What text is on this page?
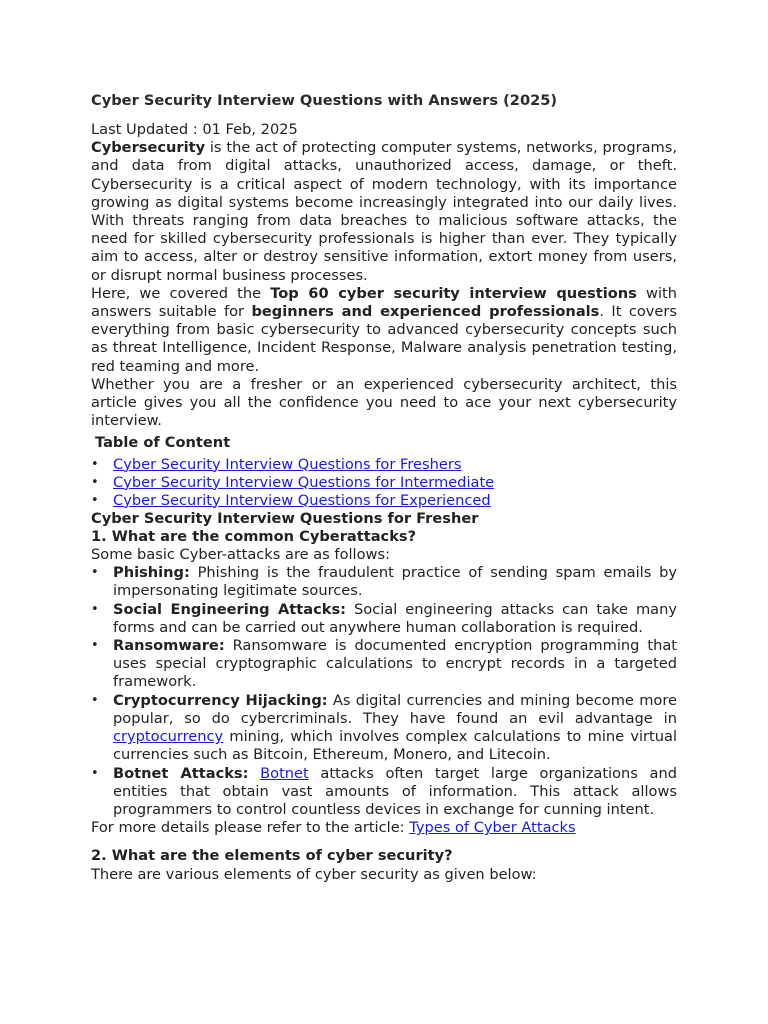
Cyber Security Interview Questions with Answers (2025)
Last Updated : 01 Feb, 2025

Cybersecurity is the act of protecting computer systems, networks, programs, and data from digital attacks, unauthorized access, damage, or theft. Cybersecurity is a critical aspect of modern technology, with its importance growing as digital systems become increasingly integrated into our daily lives. With threats ranging from data breaches to malicious software attacks, the need for skilled cybersecurity professionals is higher than ever. They typically aim to access, alter or destroy sensitive information, extort money from users, or disrupt normal business processes.

Here, we covered the Top 60 cyber security interview questions with answers suitable for beginners and experienced professionals. It covers everything from basic cybersecurity to advanced cybersecurity concepts such as threat Intelligence, Incident Response, Malware analysis penetration testing, red teaming and more.

Whether you are a fresher or an experienced cybersecurity architect, this article gives you all the confidence you need to ace your next cybersecurity interview.

Table of Content
• Cyber Security Interview Questions for Freshers
• Cyber Security Interview Questions for Intermediate
• Cyber Security Interview Questions for Experienced
Cyber Security Interview Questions for Fresher
1. What are the common Cyberattacks?
Some basic Cyber-attacks are as follows:
• Phishing: Phishing is the fraudulent practice of sending spam emails by impersonating legitimate sources.
• Social Engineering Attacks: Social engineering attacks can take many forms and can be carried out anywhere human collaboration is required.
• Ransomware: Ransomware is documented encryption programming that uses special cryptographic calculations to encrypt records in a targeted framework.
• Cryptocurrency Hijacking: As digital currencies and mining become more popular, so do cybercriminals. They have found an evil advantage in cryptocurrency mining, which involves complex calculations to mine virtual currencies such as Bitcoin, Ethereum, Monero, and Litecoin.
• Botnet Attacks: Botnet attacks often target large organizations and entities that obtain vast amounts of information. This attack allows programmers to control countless devices in exchange for cunning intent.
For more details please refer to the article: Types of Cyber Attacks
2. What are the elements of cyber security?
There are various elements of cyber security as given below:
